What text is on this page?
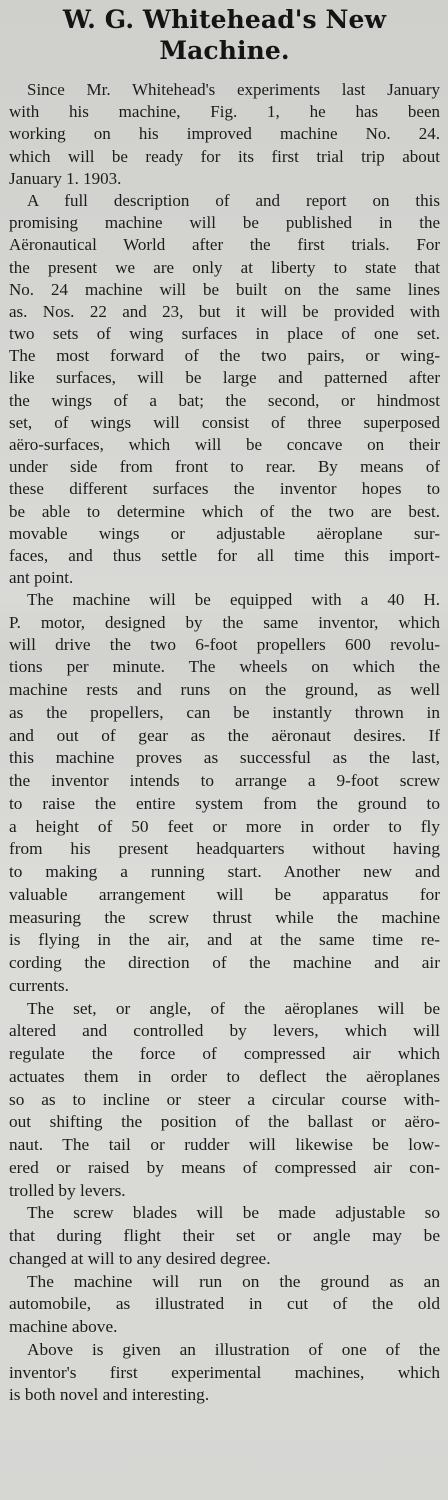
W. G. Whitehead's New
Machine.
Since Mr. Whitehead's experiments last January
with his machine, Fig. 1, he has been
working on his improved machine No. 24.
which will be ready for its first trial trip about
January 1. 1903.
A full description of and report on this
promising machine will be published in the
Aëronautical World after the first trials. For
the present we are only at liberty to state that
No. 24 machine will be built on the same lines
as. Nos. 22 and 23, but it will be provided with
two sets of wing surfaces in place of one set.
The most forward of the two pairs, or wing-
like surfaces, will be large and patterned after
the wings of a bat; the second, or hindmost
set, of wings will consist of three superposed
aëro-surfaces, which will be concave on their
under side from front to rear. By means of
these different surfaces the inventor hopes to
be able to determine which of the two are best.
movable wings or adjustable aëroplane sur-
faces, and thus settle for all time this import-
ant point.
The machine will be equipped with a 40 H.
P. motor, designed by the same inventor, which
will drive the two 6-foot propellers 600 revolu-
tions per minute. The wheels on which the
machine rests and runs on the ground, as well
as the propellers, can be instantly thrown in
and out of gear as the aëronaut desires. If
this machine proves as successful as the last,
the inventor intends to arrange a 9-foot screw
to raise the entire system from the ground to
a height of 50 feet or more in order to fly
from his present headquarters without having
to making a running start. Another new and
valuable arrangement will be apparatus for
measuring the screw thrust while the machine
is flying in the air, and at the same time re-
cording the direction of the machine and air
currents.
The set, or angle, of the aëroplanes will be
altered and controlled by levers, which will
regulate the force of compressed air which
actuates them in order to deflect the aëroplanes
so as to incline or steer a circular course with-
out shifting the position of the ballast or aëro-
naut. The tail or rudder will likewise be low-
ered or raised by means of compressed air con-
trolled by levers.
The screw blades will be made adjustable so
that during flight their set or angle may be
changed at will to any desired degree.
The machine will run on the ground as an
automobile, as illustrated in cut of the old
machine above.
Above is given an illustration of one of the
inventor's first experimental machines, which
is both novel and interesting.
